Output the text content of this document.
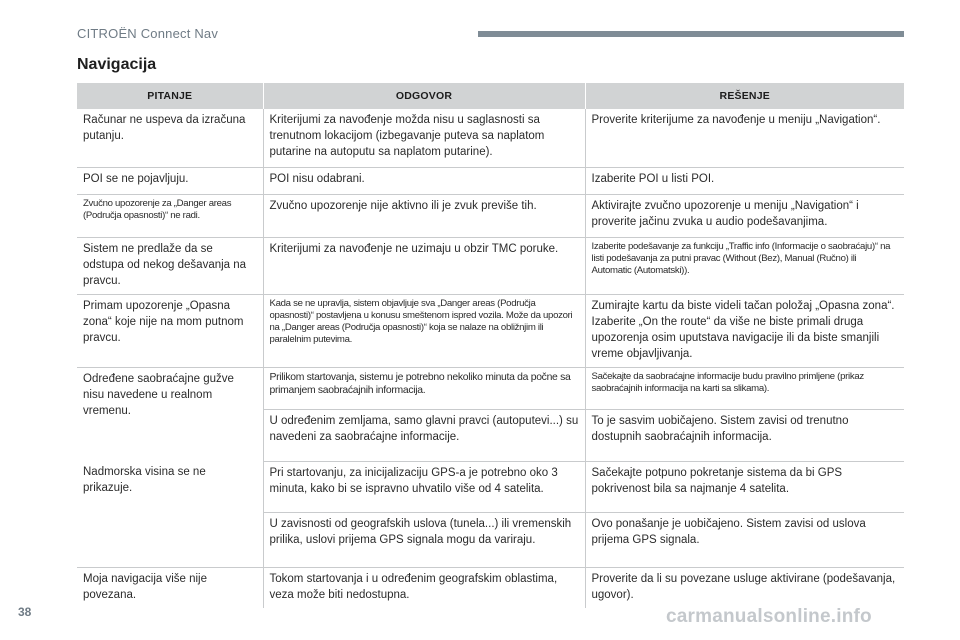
CITROËN Connect Nav
Navigacija
PITANJE	ODGOVOR	REŠENJE
Računar ne uspeva da izračuna putanju.	Kriterijumi za navođenje možda nisu u saglasnosti sa trenutnom lokacijom (izbegavanje puteva sa naplatom putarine na autoputu sa naplatom putarine).	Proverite kriterijume za navođenje u meniju „Navigation“.
POI se ne pojavljuju.	POI nisu odabrani.	Izaberite POI u listi POI.
Zvučno upozorenje za „Danger areas (Područja opasnosti)“ ne radi.	Zvučno upozorenje nije aktivno ili je zvuk previše tih.	Aktivirajte zvučno upozorenje u meniju „Navigation“ i proverite jačinu zvuka u audio podešavanjima.
Sistem ne predlaže da se odstupa od nekog dešavanja na pravcu.	Kriterijumi za navođenje ne uzimaju u obzir TMC poruke.	Izaberite podešavanje za funkciju „Traffic info (Informacije o saobraćaju)“ na listi podešavanja za putni pravac (Without (Bez), Manual (Ručno) ili Automatic (Automatski)).
Primam upozorenje „Opasna zona“ koje nije na mom putnom pravcu.	Kada se ne upravlja, sistem objavljuje sva „Danger areas (Područja opasnosti)“ postavljena u konusu smeštenom ispred vozila. Može da upozori na „Danger areas (Područja opasnosti)“ koja se nalaze na obližnjim ili paralelnim putevima.	Zumirajte kartu da biste videli tačan položaj „Opasna zona“. Izaberite „On the route“ da više ne biste primali druga upozorenja osim uputstava navigacije ili da biste smanjili vreme objavljivanja.
Određene saobraćajne gužve nisu navedene u realnom vremenu.	Prilikom startovanja, sistemu je potrebno nekoliko minuta da počne sa primanjem saobraćajnih informacija.	Sačekajte da saobraćajne informacije budu pravilno primljene (prikaz saobraćajnih informacija na karti sa slikama).
	U određenim zemljama, samo glavni pravci (autoputevi...) su navedeni za saobraćajne informacije.	To je sasvim uobičajeno. Sistem zavisi od trenutno dostupnih saobraćajnih informacija.
Nadmorska visina se ne prikazuje.	Pri startovanju, za inicijalizaciju GPS-a je potrebno oko 3 minuta, kako bi se ispravno uhvatilo više od 4 satelita.	Sačekajte potpuno pokretanje sistema da bi GPS pokrivenost bila sa najmanje 4 satelita.
	U zavisnosti od geografskih uslova (tunela...) ili vremenskih prilika, uslovi prijema GPS signala mogu da variraju.	Ovo ponašanje je uobičajeno. Sistem zavisi od uslova prijema GPS signala.
Moja navigacija više nije povezana.	Tokom startovanja i u određenim geografskim oblastima, veza može biti nedostupna.	Proverite da li su povezane usluge aktivirane (podešavanja, ugovor).
38	carmanualsonline.info
